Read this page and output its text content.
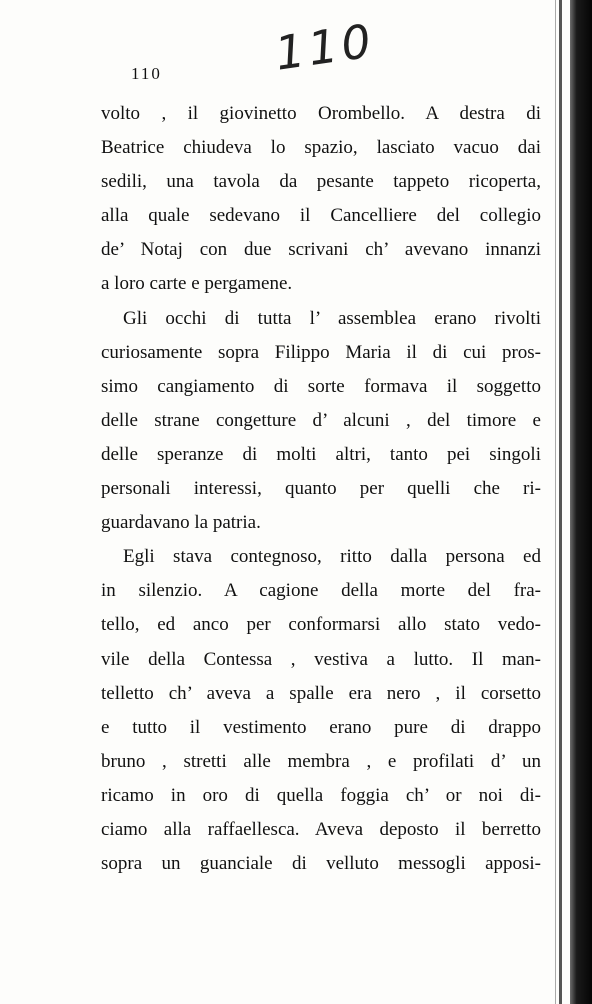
110
110
volto , il giovinetto Orombello. A destra di
Beatrice chiudeva lo spazio, lasciato vacuo dai
sedili, una tavola da pesante tappeto ricoperta,
alla quale sedevano il Cancelliere del collegio
de’ Notaj con due scrivani ch’ avevano innanzi
a loro carte e pergamene.
Gli occhi di tutta l’ assemblea erano rivolti
curiosamente sopra Filippo Maria il di cui pros-
simo cangiamento di sorte formava il soggetto
delle strane congetture d’ alcuni , del timore e
delle speranze di molti altri, tanto pei singoli
personali interessi, quanto per quelli che ri-
guardavano la patria.
Egli stava contegnoso, ritto dalla persona ed
in silenzio. A cagione della morte del fra-
tello, ed anco per conformarsi allo stato vedo-
vile della Contessa , vestiva a lutto. Il man-
telletto ch’ aveva a spalle era nero , il corsetto
e tutto il vestimento erano pure di drappo
bruno , stretti alle membra , e profilati d’ un
ricamo in oro di quella foggia ch’ or noi di-
ciamo alla raffaellesca. Aveva deposto il berretto
sopra un guanciale di velluto messogli apposi-
